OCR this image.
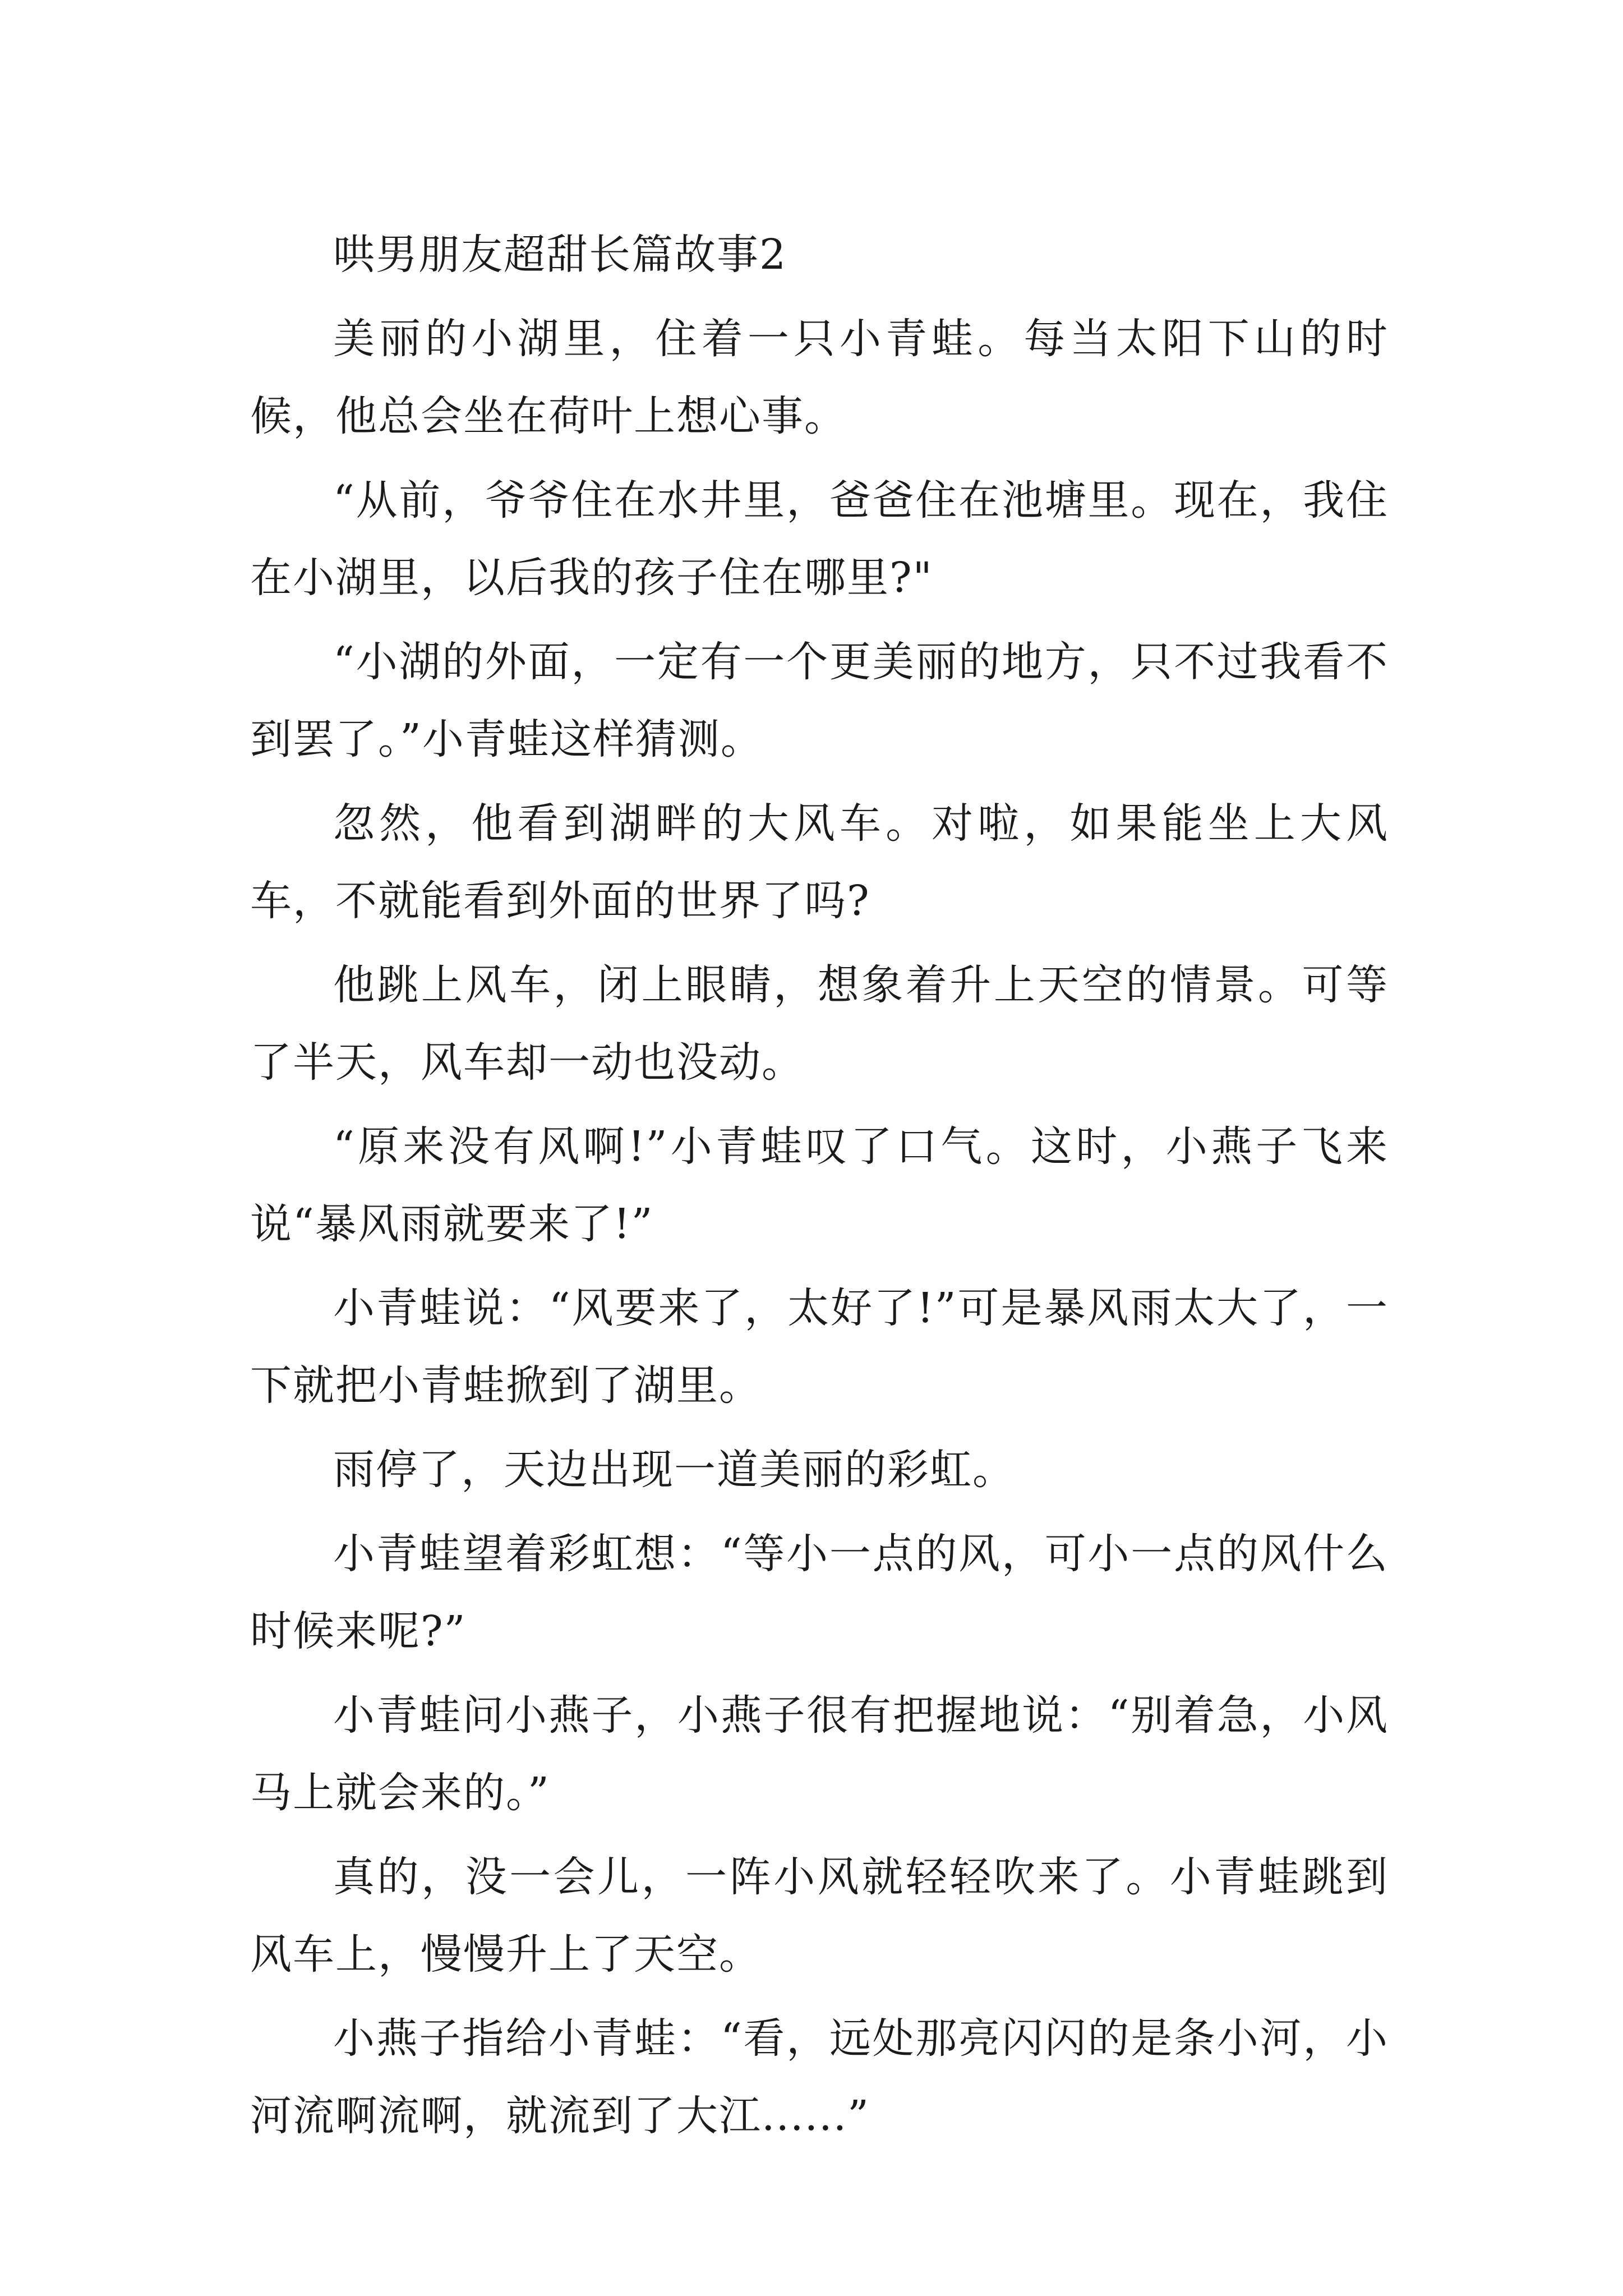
哄男朋友超甜长篇故事2

美丽的小湖里，住着一只小青蛙。每当太阳下山的时候，他总会坐在荷叶上想心事。

“从前，爷爷住在水井里，爸爸住在池塘里。现在，我住在小湖里，以后我的孩子住在哪里?"

“小湖的外面，一定有一个更美丽的地方，只不过我看不到罢了。”小青蛙这样猜测。

忽然，他看到湖畔的大风车。对啦，如果能坐上大风车，不就能看到外面的世界了吗?

他跳上风车，闭上眼睛，想象着升上天空的情景。可等了半天，风车却一动也没动。

“原来没有风啊!”小青蛙叹了口气。这时，小燕子飞来说“暴风雨就要来了!”

小青蛙说：“风要来了，太好了!”可是暴风雨太大了，一下就把小青蛙掀到了湖里。

雨停了，天边出现一道美丽的彩虹。

小青蛙望着彩虹想：“等小一点的风，可小一点的风什么时候来呢?”

小青蛙问小燕子，小燕子很有把握地说：“别着急，小风马上就会来的。”

真的，没一会儿，一阵小风就轻轻吹来了。小青蛙跳到风车上，慢慢升上了天空。

小燕子指给小青蛙：“看，远处那亮闪闪的是条小河，小河流啊流啊，就流到了大江......”
